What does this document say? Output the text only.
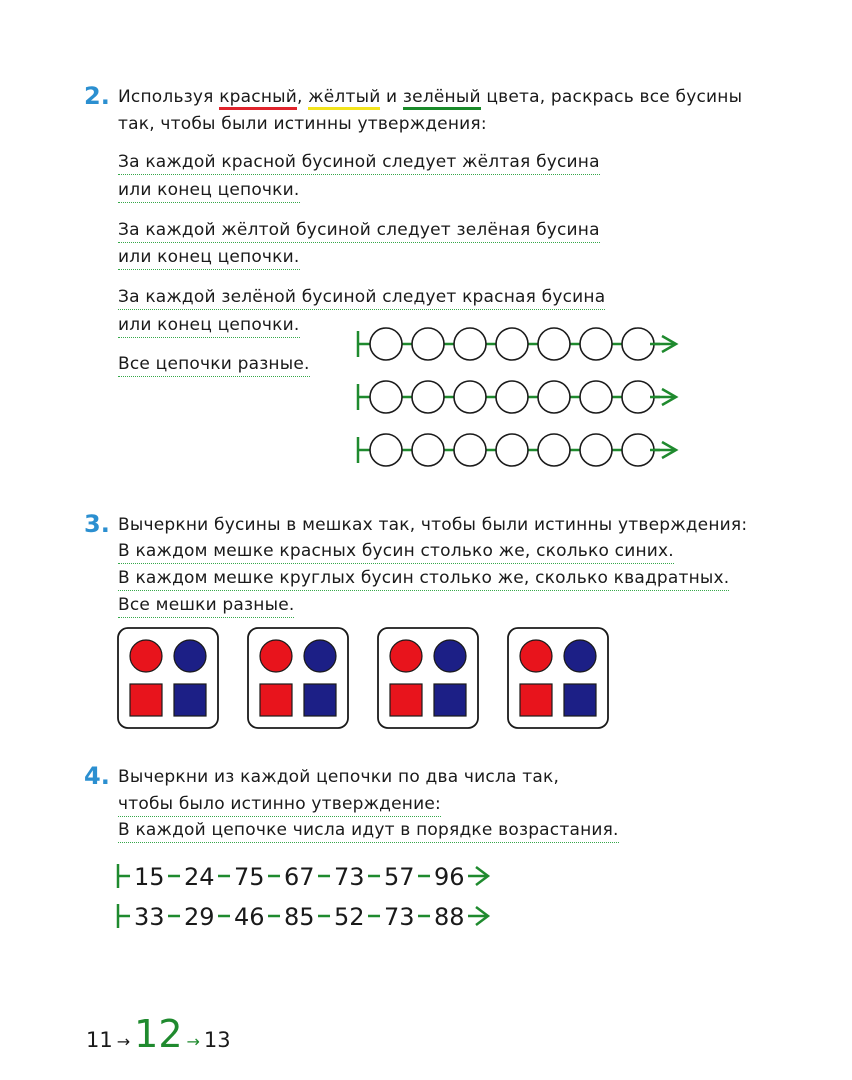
2. Используя красный, жёлтый и зелёный цвета, раскрась все бусины
так, чтобы были истинны утверждения:
За каждой красной бусиной следует жёлтая бусина
или конец цепочки.
За каждой жёлтой бусиной следует зелёная бусина
или конец цепочки.
За каждой зелёной бусиной следует красная бусина
или конец цепочки.
Все цепочки разные.
3. Вычеркни бусины в мешках так, чтобы были истинны утверждения:
В каждом мешке красных бусин столько же, сколько синих.
В каждом мешке круглых бусин столько же, сколько квадратных.
Все мешки разные.
4. Вычеркни из каждой цепочки по два числа так,
чтобы было истинно утверждение:
В каждой цепочке числа идут в порядке возрастания.
15 24 75 67 73 57 96
33 29 46 85 52 73 88
11 → 12 → 13
